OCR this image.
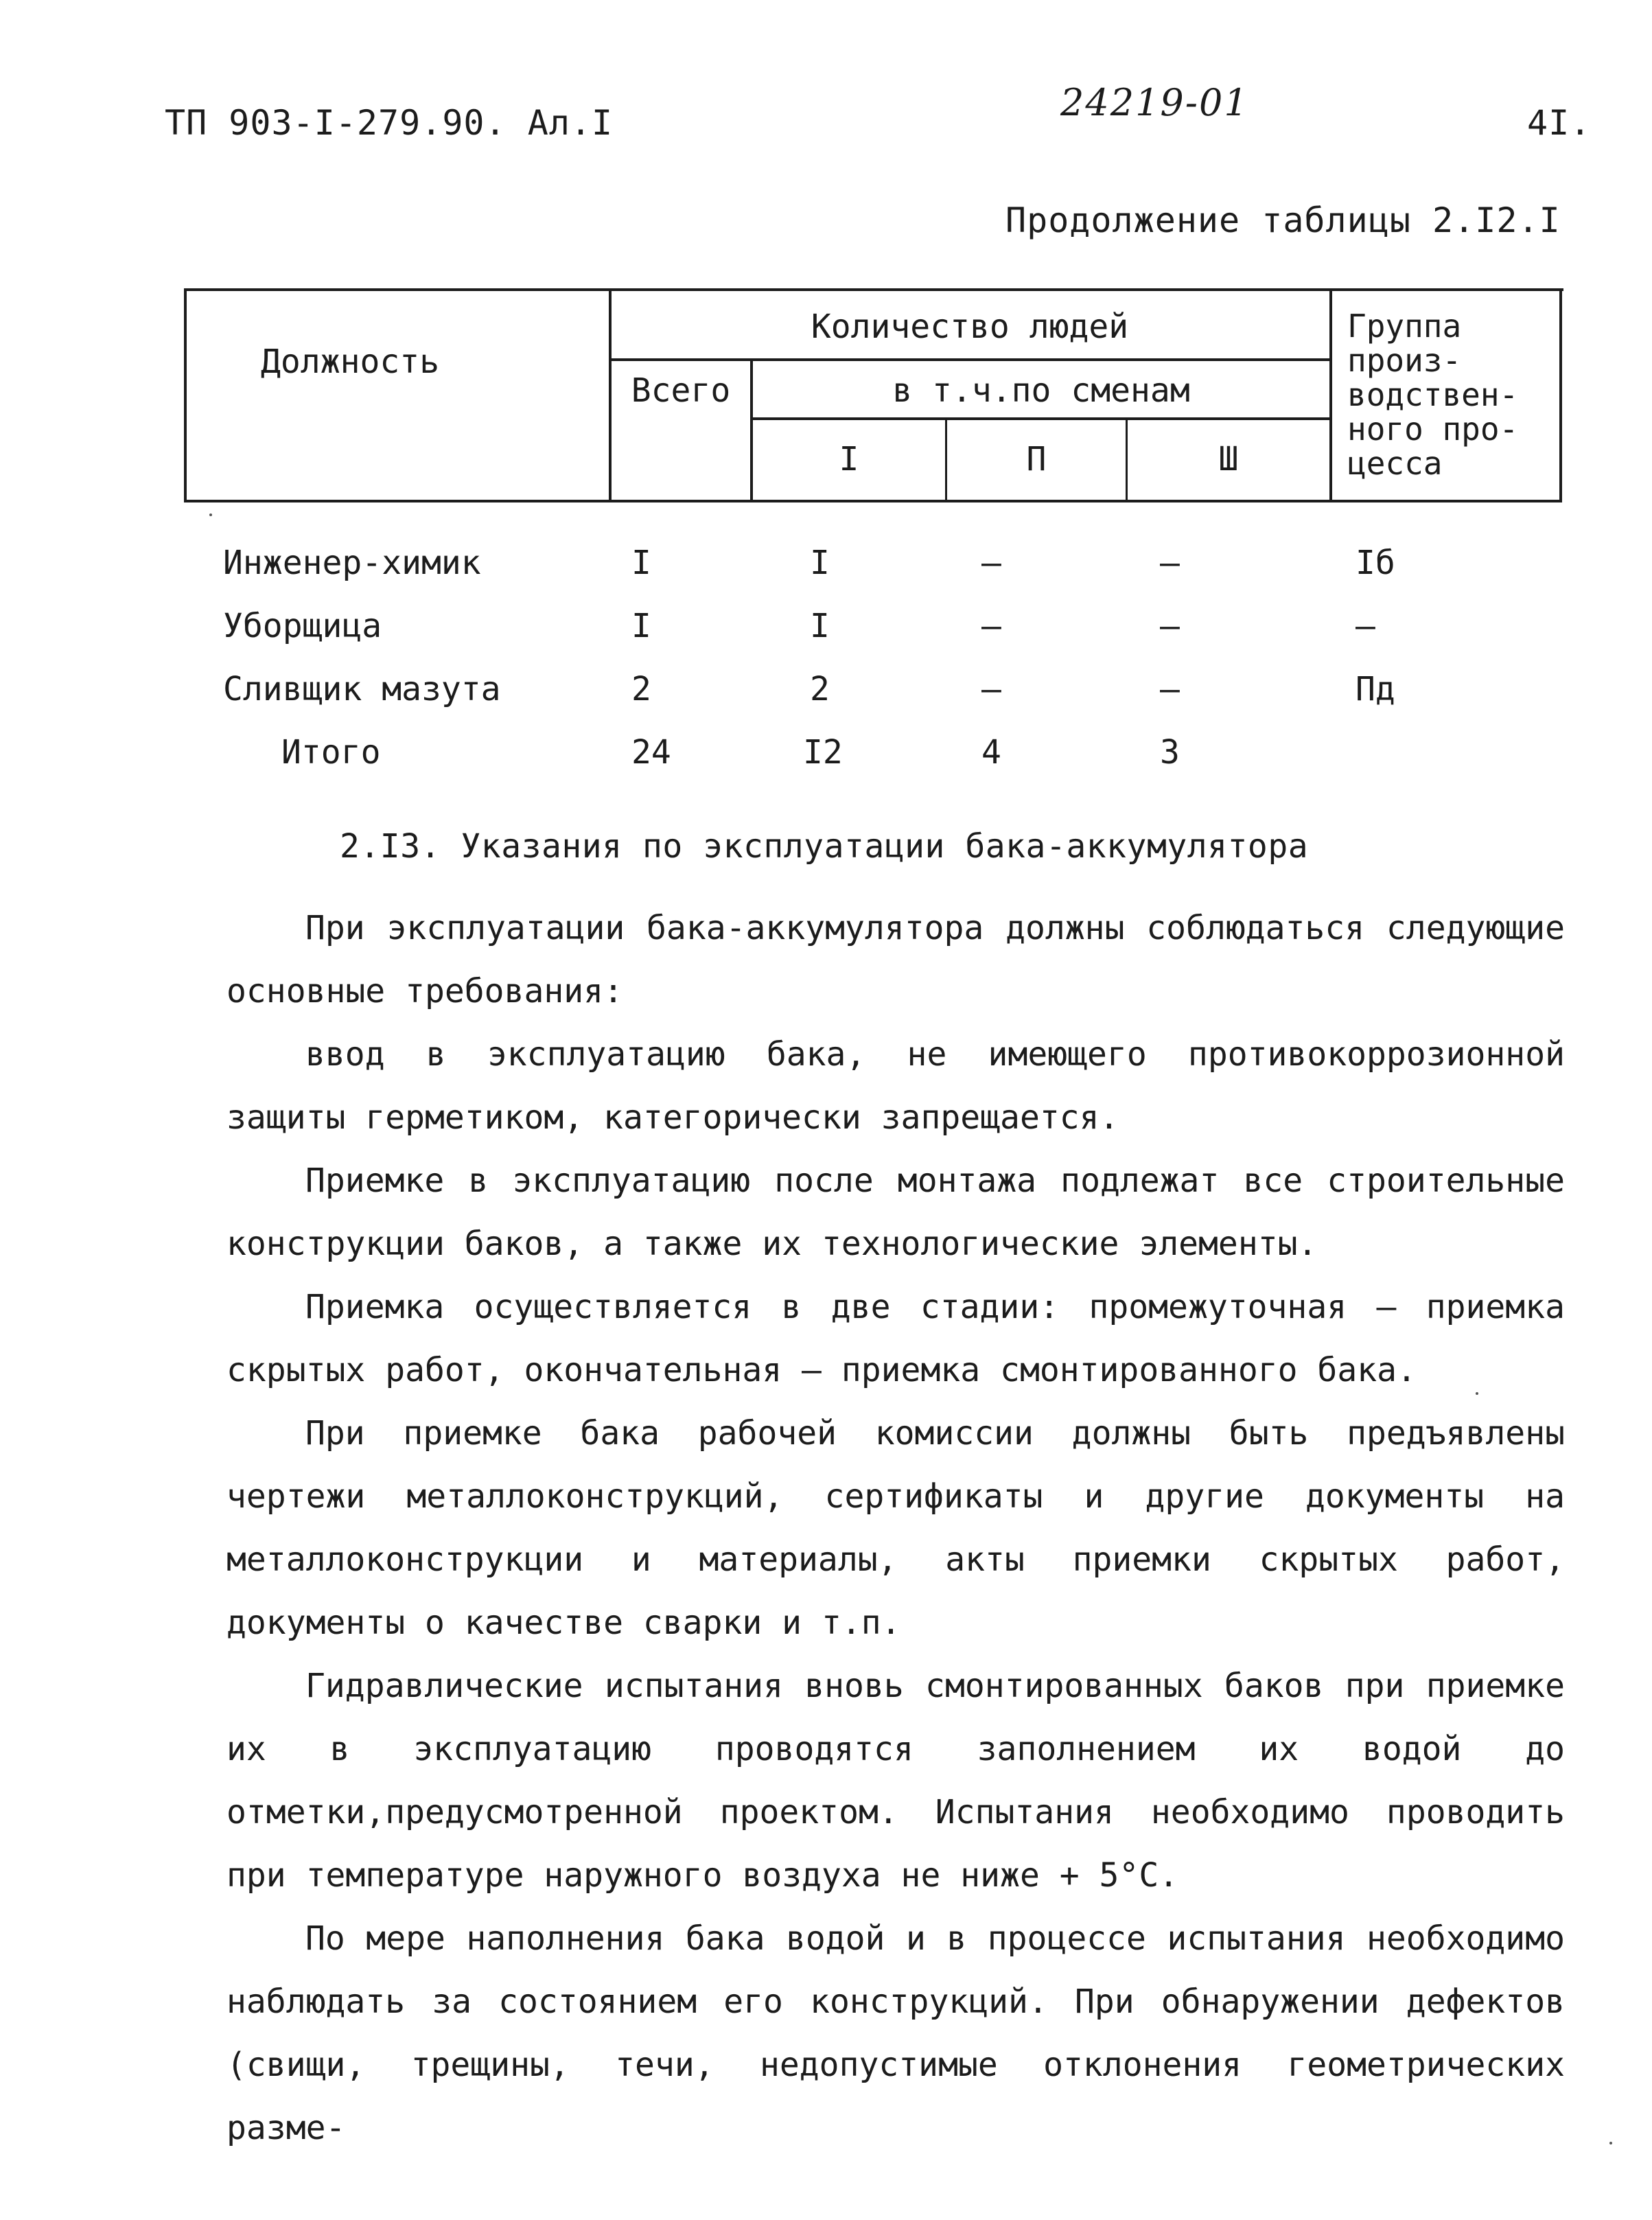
ТП 903-I-279.90. Ал.I	24219-01	4I.
Продолжение таблицы 2.I2.I
Должность
Количество людей
Всего	в т.ч.по сменам
I	П	Ш
Группа
произ-
водствен-
ного про-
цесса
Инженер-химик	I	I	–	–	Iб
Уборщица	I	I	–	–	–
Сливщик мазута	2	2	–	–	Пд
Итого	24	I2	4	3
2.I3. Указания по эксплуатации бака-аккумулятора

При эксплуатации бака-аккумулятора должны соблюдаться следующие основные требования:

ввод в эксплуатацию бака, не имеющего противокоррозионной защиты герметиком, категорически запрещается.

Приемке в эксплуатацию после монтажа подлежат все строительные конструкции баков, а также их технологические элементы.

Приемка осуществляется в две стадии: промежуточная – приемка скрытых работ, окончательная – приемка смонтированного бака.

При приемке бака рабочей комиссии должны быть предъявлены чертежи металлоконструкций, сертификаты и другие документы на металлоконструкции и материалы, акты приемки скрытых работ, документы о качестве сварки и т.п.

Гидравлические испытания вновь смонтированных баков при приемке их в эксплуатацию проводятся заполнением их водой до отметки,предусмотренной проектом. Испытания необходимо проводить при температуре наружного воздуха не ниже + 5°C.

По мере наполнения бака водой и в процессе испытания необходимо наблюдать за состоянием его конструкций. При обнаружении дефектов (свищи, трещины, течи, недопустимые отклонения геометрических разме-
